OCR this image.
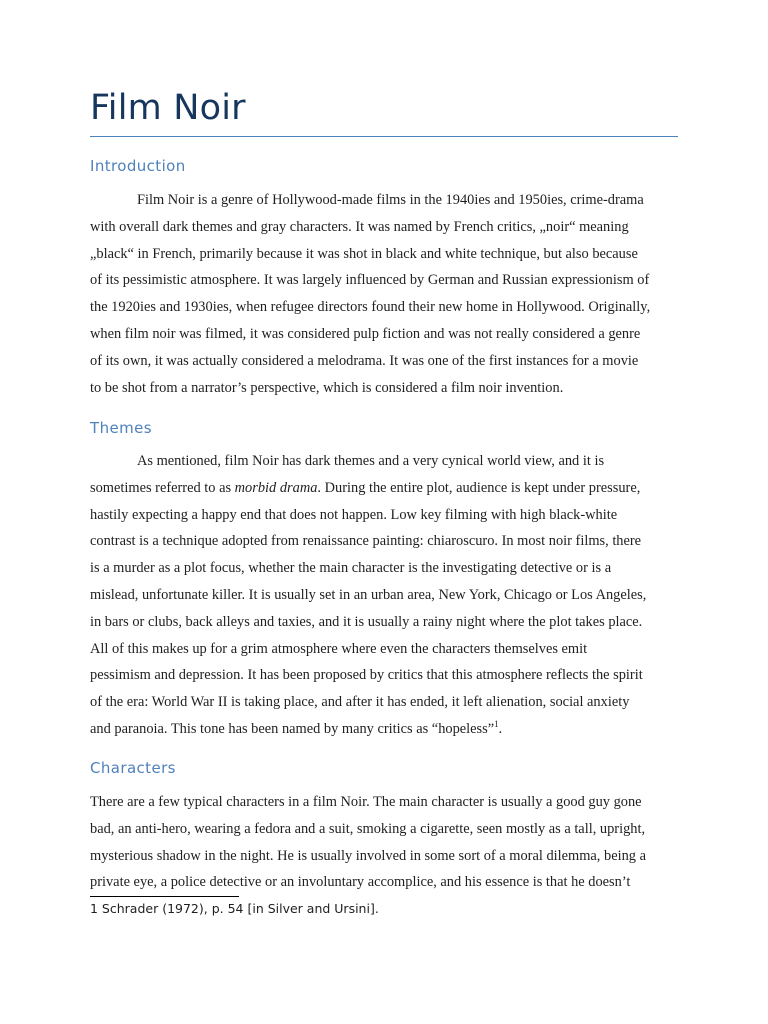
Film Noir
Introduction
Film Noir is a genre of Hollywood-made films in the 1940ies and 1950ies, crime-drama
with overall dark themes and gray characters. It was named by French critics, „noir“ meaning
„black“ in French, primarily because it was shot in black and white technique, but also because
of its pessimistic atmosphere. It was largely influenced by German and Russian expressionism of
the 1920ies and 1930ies, when refugee directors found their new home in Hollywood. Originally,
when film noir was filmed, it was considered pulp fiction and was not really considered a genre
of its own, it was actually considered a melodrama. It was one of the first instances for a movie
to be shot from a narrator’s perspective, which is considered a film noir invention.
Themes
As mentioned, film Noir has dark themes and a very cynical world view, and it is
sometimes referred to as morbid drama. During the entire plot, audience is kept under pressure,
hastily expecting a happy end that does not happen. Low key filming with high black-white
contrast is a technique adopted from renaissance painting: chiaroscuro. In most noir films, there
is a murder as a plot focus, whether the main character is the investigating detective or is a
mislead, unfortunate killer. It is usually set in an urban area, New York, Chicago or Los Angeles,
in bars or clubs, back alleys and taxies, and it is usually a rainy night where the plot takes place.
All of this makes up for a grim atmosphere where even the characters themselves emit
pessimism and depression. It has been proposed by critics that this atmosphere reflects the spirit
of the era: World War II is taking place, and after it has ended, it left alienation, social anxiety
and paranoia. This tone has been named by many critics as “hopeless”$^1$.
Characters
There are a few typical characters in a film Noir. The main character is usually a good guy gone
bad, an anti-hero, wearing a fedora and a suit, smoking a cigarette, seen mostly as a tall, upright,
mysterious shadow in the night. He is usually involved in some sort of a moral dilemma, being a
private eye, a police detective or an involuntary accomplice, and his essence is that he doesn’t

1 Schrader (1972), p. 54 [in Silver and Ursini].
